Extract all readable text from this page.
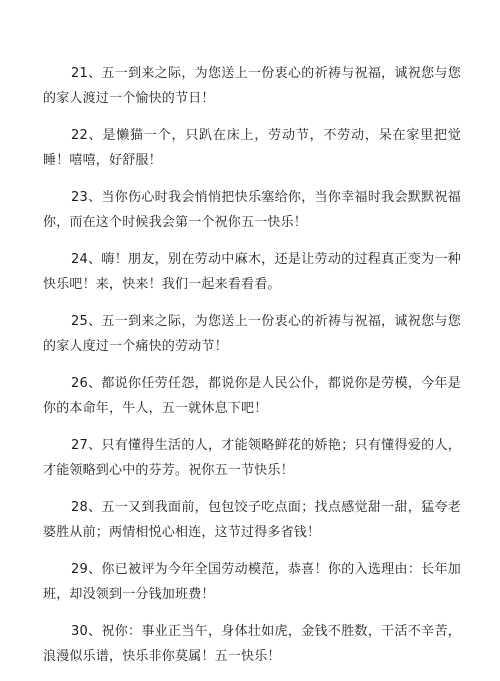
21、五一到来之际，为您送上一份衷心的祈祷与祝福，诚祝您与您的家人渡过一个愉快的节日！

22、是懒猫一个，只趴在床上，劳动节，不劳动，呆在家里把觉睡！嘻嘻，好舒服！

23、当你伤心时我会悄悄把快乐塞给你，当你幸福时我会默默祝福你，而在这个时候我会第一个祝你五一快乐！

24、嗨！朋友，别在劳动中麻木，还是让劳动的过程真正变为一种快乐吧！来，快来！我们一起来看看看。

25、五一到来之际，为您送上一份衷心的祈祷与祝福，诚祝您与您的家人度过一个痛快的劳动节！

26、都说你任劳任怨，都说你是人民公仆，都说你是劳模，今年是你的本命年，牛人，五一就休息下吧！

27、只有懂得生活的人，才能领略鲜花的娇艳；只有懂得爱的人，才能领略到心中的芬芳。祝你五一节快乐！

28、五一又到我面前，包包饺子吃点面；找点感觉甜一甜，猛夸老婆胜从前；两情相悦心相连，这节过得多省钱！

29、你已被评为今年全国劳动模范，恭喜！你的入选理由：长年加班，却没领到一分钱加班费！

30、祝你：事业正当午，身体壮如虎，金钱不胜数，干活不辛苦，浪漫似乐谱，快乐非你莫属！五一快乐！
